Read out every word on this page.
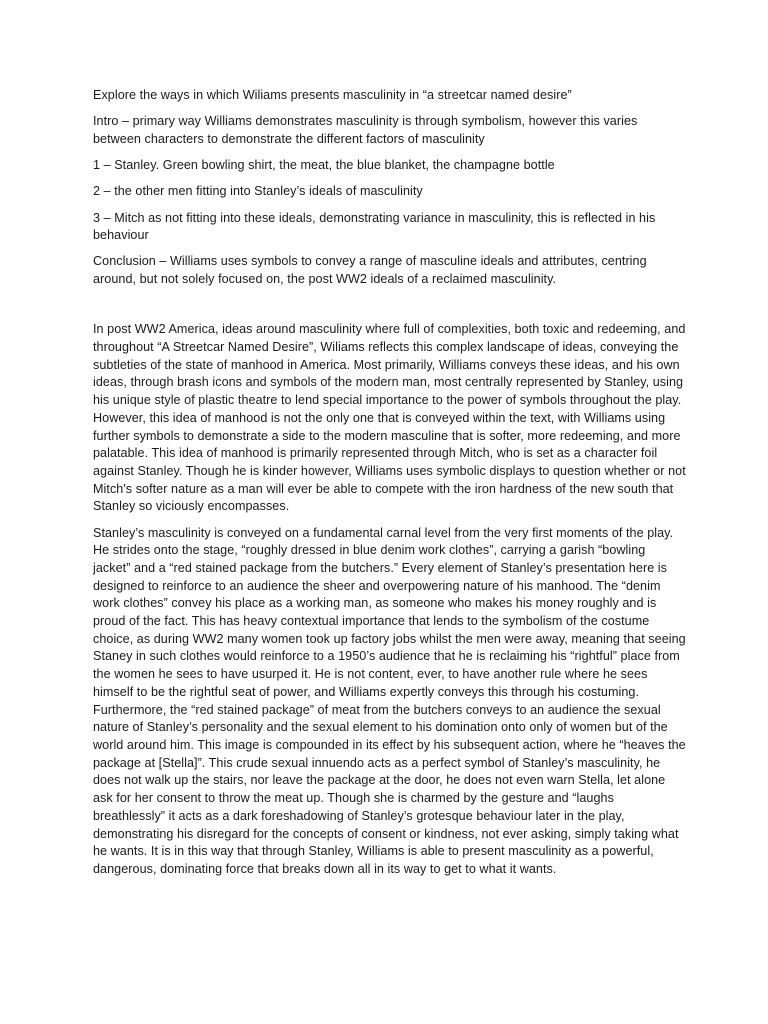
Explore the ways in which Wiliams presents masculinity in “a streetcar named desire”

Intro – primary way Williams demonstrates masculinity is through symbolism, however this varies between characters to demonstrate the different factors of masculinity

1 – Stanley. Green bowling shirt, the meat, the blue blanket, the champagne bottle

2 – the other men fitting into Stanley’s ideals of masculinity

3 – Mitch as not fitting into these ideals, demonstrating variance in masculinity, this is reflected in his behaviour

Conclusion – Williams uses symbols to convey a range of masculine ideals and attributes, centring around, but not solely focused on, the post WW2 ideals of a reclaimed masculinity.

In post WW2 America, ideas around masculinity where full of complexities, both toxic and redeeming, and throughout “A Streetcar Named Desire”, Wiliams reflects this complex landscape of ideas, conveying the subtleties of the state of manhood in America. Most primarily, Williams conveys these ideas, and his own ideas, through brash icons and symbols of the modern man, most centrally represented by Stanley, using his unique style of plastic theatre to lend special importance to the power of symbols throughout the play. However, this idea of manhood is not the only one that is conveyed within the text, with Williams using further symbols to demonstrate a side to the modern masculine that is softer, more redeeming, and more palatable. This idea of manhood is primarily represented through Mitch, who is set as a character foil against Stanley. Though he is kinder however, Williams uses symbolic displays to question whether or not Mitch's softer nature as a man will ever be able to compete with the iron hardness of the new south that Stanley so viciously encompasses.

Stanley’s masculinity is conveyed on a fundamental carnal level from the very first moments of the play. He strides onto the stage, “roughly dressed in blue denim work clothes”, carrying a garish “bowling jacket” and a “red stained package from the butchers.” Every element of Stanley’s presentation here is designed to reinforce to an audience the sheer and overpowering nature of his manhood. The “denim work clothes” convey his place as a working man, as someone who makes his money roughly and is proud of the fact. This has heavy contextual importance that lends to the symbolism of the costume choice, as during WW2 many women took up factory jobs whilst the men were away, meaning that seeing Staney in such clothes would reinforce to a 1950’s audience that he is reclaiming his “rightful” place from the women he sees to have usurped it. He is not content, ever, to have another rule where he sees himself to be the rightful seat of power, and Williams expertly conveys this through his costuming. Furthermore, the “red stained package” of meat from the butchers conveys to an audience the sexual nature of Stanley’s personality and the sexual element to his domination onto only of women but of the world around him. This image is compounded in its effect by his subsequent action, where he “heaves the package at [Stella]”. This crude sexual innuendo acts as a perfect symbol of Stanley’s masculinity, he does not walk up the stairs, nor leave the package at the door, he does not even warn Stella, let alone ask for her consent to throw the meat up. Though she is charmed by the gesture and “laughs breathlessly” it acts as a dark foreshadowing of Stanley’s grotesque behaviour later in the play, demonstrating his disregard for the concepts of consent or kindness, not ever asking, simply taking what he wants. It is in this way that through Stanley, Williams is able to present masculinity as a powerful, dangerous, dominating force that breaks down all in its way to get to what it wants.
